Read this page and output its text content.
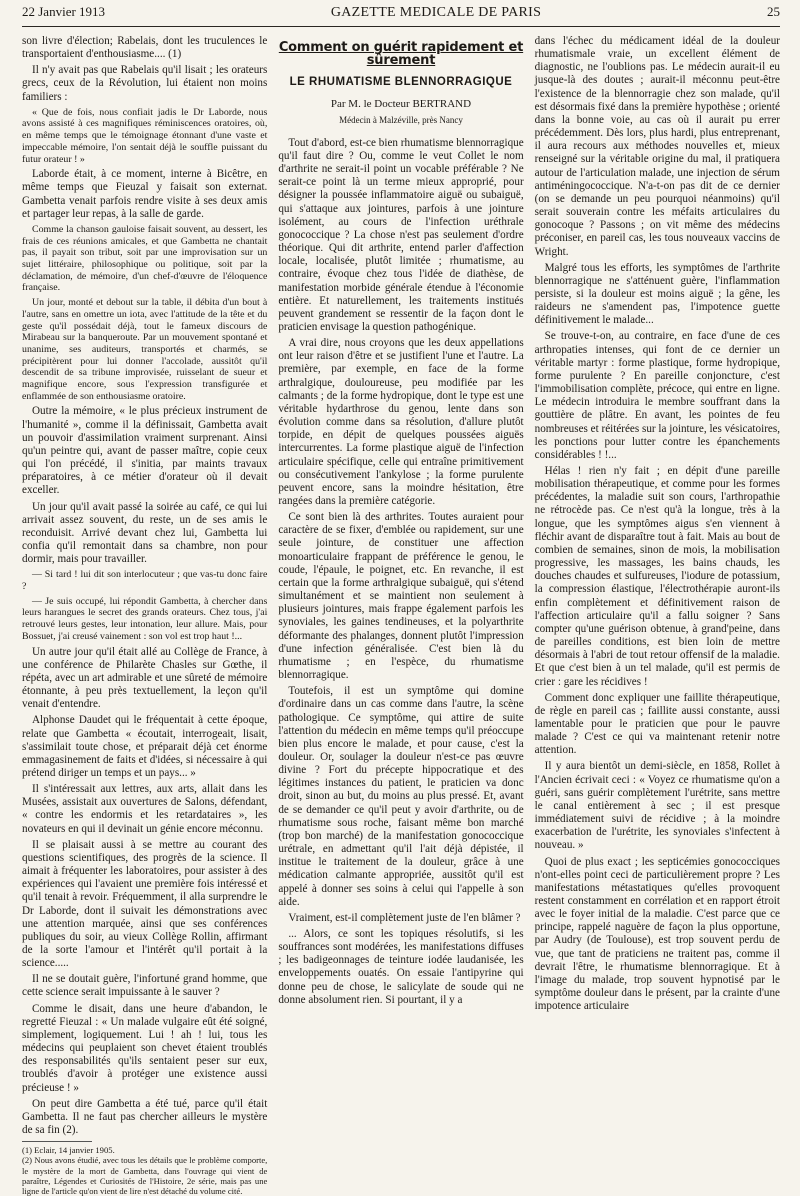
22 Janvier 1913	GAZETTE MEDICALE DE PARIS	25

son livre d'élection; Rabelais, dont les truculences le transportaient d'enthousiasme.... (1)

Il n'y avait pas que Rabelais qu'il lisait ; les orateurs grecs, ceux de la Révolution, lui étaient non moins familiers :

« Que de fois, nous confiait jadis le Dr Laborde, nous avons assisté à ces magnifiques réminiscences oratoires, où, en même temps que le témoignage étonnant d'une vaste et impeccable mémoire, l'on sentait déjà le souffle puissant du futur orateur ! »

Laborde était, à ce moment, interne à Bicêtre, en même temps que Fieuzal y faisait son externat. Gambetta venait parfois rendre visite à ses deux amis et partager leur repas, à la salle de garde.

Comme la chanson gauloise faisait souvent, au dessert, les frais de ces réunions amicales, et que Gambetta ne chantait pas, il payait son tribut, soit par une improvisation sur un sujet littéraire, philosophique ou politique, soit par la déclamation, de mémoire, d'un chef-d'œuvre de l'éloquence française.

Un jour, monté et debout sur la table, il débita d'un bout à l'autre, sans en omettre un iota, avec l'attitude de la tête et du geste qu'il possédait déjà, tout le fameux discours de Mirabeau sur la banqueroute. Par un mouvement spontané et unanime, ses auditeurs, transportés et charmés, se précipitèrent pour lui donner l'accolade, aussitôt qu'il descendit de sa tribune improvisée, ruisselant de sueur et magnifique encore, sous l'expression transfigurée et enflammée de son enthousiasme oratoire.

Outre la mémoire, « le plus précieux instrument de l'humanité », comme il la définissait, Gambetta avait un pouvoir d'assimilation vraiment surprenant. Ainsi qu'un peintre qui, avant de passer maître, copie ceux qui l'on précédé, il s'initia, par maints travaux préparatoires, à ce métier d'orateur où il devait exceller.

Un jour qu'il avait passé la soirée au café, ce qui lui arrivait assez souvent, du reste, un de ses amis le reconduisit. Arrivé devant chez lui, Gambetta lui confia qu'il remontait dans sa chambre, non pour dormir, mais pour travailler.

— Si tard ! lui dit son interlocuteur ; que vas-tu donc faire ?

— Je suis occupé, lui répondit Gambetta, à chercher dans leurs harangues le secret des grands orateurs. Chez tous, j'ai retrouvé leurs gestes, leur intonation, leur allure. Mais, pour Bossuet, j'ai creusé vainement : son vol est trop haut !...

Un autre jour qu'il était allé au Collège de France, à une conférence de Philarète Chasles sur Gœthe, il répéta, avec un art admirable et une sûreté de mémoire étonnante, à peu près textuellement, la leçon qu'il venait d'entendre.

Alphonse Daudet qui le fréquentait à cette époque, relate que Gambetta « écoutait, interrogeait, lisait, s'assimilait toute chose, et préparait déjà cet énorme emmagasinement de faits et d'idées, si nécessaire à qui prétend diriger un temps et un pays... »

Il s'intéressait aux lettres, aux arts, allait dans les Musées, assistait aux ouvertures de Salons, défendant, « contre les endormis et les retardataires », les novateurs en qui il devinait un génie encore méconnu.

Il se plaisait aussi à se mettre au courant des questions scientifiques, des progrès de la science. Il aimait à fréquenter les laboratoires, pour assister à des expériences qui l'avaient une première fois intéressé et qu'il tenait à revoir. Fréquemment, il alla surprendre le Dr Laborde, dont il suivait les démonstrations avec une attention marquée, ainsi que ses conférences publiques du soir, au vieux Collège Rollin, affirmant de la sorte l'amour et l'intérêt qu'il portait à la science.....

Il ne se doutait guère, l'infortuné grand homme, que cette science serait impuissante à le sauver ?

Comme le disait, dans une heure d'abandon, le regretté Fieuzal : « Un malade vulgaire eût été soigné, simplement, logiquement. Lui ! ah ! lui, tous les médecins qui peuplaient son chevet étaient troublés des responsabilités qu'ils sentaient peser sur eux, troublés d'avoir à protéger une existence aussi précieuse ! »

On peut dire Gambetta a été tué, parce qu'il était Gambetta. Il ne faut pas chercher ailleurs le mystère de sa fin (2).

(1) Eclair, 14 janvier 1905.

(2) Nous avons étudié, avec tous les détails que le problème comporte, le mystère de la mort de Gambetta, dans l'ouvrage qui vient de paraître, Légendes et Curiosités de l'Histoire, 2e série, mais pas une ligne de l'article qu'on vient de lire n'est détaché du volume cité.

Comment on guérit rapidement et sûrement
LE RHUMATISME BLENNORRAGIQUE
Par M. le Docteur BERTRAND
Médecin à Malzéville, près Nancy

Tout d'abord, est-ce bien rhumatisme blennorragique qu'il faut dire ? Ou, comme le veut Collet le nom d'arthrite ne serait-il point un vocable préférable ? Ne serait-ce point là un terme mieux approprié, pour désigner la poussée inflammatoire aiguë ou subaiguë, qui s'attaque aux jointures, parfois à une jointure isolément, au cours de l'infection uréthrale gonococcique ? La chose n'est pas seulement d'ordre théorique. Qui dit arthrite, entend parler d'affection locale, localisée, plutôt limitée ; rhumatisme, au contraire, évoque chez tous l'idée de diathèse, de manifestation morbide générale étendue à l'économie entière. Et naturellement, les traitements institués peuvent grandement se ressentir de la façon dont le praticien envisage la question pathogénique.

A vrai dire, nous croyons que les deux appellations ont leur raison d'être et se justifient l'une et l'autre. La première, par exemple, en face de la forme arthralgique, douloureuse, peu modifiée par les calmants ; de la forme hydropique, dont le type est une véritable hydarthrose du genou, lente dans son évolution comme dans sa résolution, d'allure plutôt torpide, en dépit de quelques poussées aiguës intercurrentes. La forme plastique aiguë de l'infection articulaire spécifique, celle qui entraîne primitivement ou consécutivement l'ankylose ; la forme purulente peuvent encore, sans la moindre hésitation, être rangées dans la première catégorie.

Ce sont bien là des arthrites. Toutes auraient pour caractère de se fixer, d'emblée ou rapidement, sur une seule jointure, de constituer une affection monoarticulaire frappant de préférence le genou, le coude, l'épaule, le poignet, etc. En revanche, il est certain que la forme arthralgique subaiguë, qui s'étend simultanément et se maintient non seulement à plusieurs jointures, mais frappe également parfois les synoviales, les gaines tendineuses, et la polyarthrite déformante des phalanges, donnent plutôt l'impression d'une infection généralisée. C'est bien là du rhumatisme ; en l'espèce, du rhumatisme blennorragique.

Toutefois, il est un symptôme qui domine d'ordinaire dans un cas comme dans l'autre, la scène pathologique. Ce symptôme, qui attire de suite l'attention du médecin en même temps qu'il préoccupe bien plus encore le malade, et pour cause, c'est la douleur. Or, soulager la douleur n'est-ce pas œuvre divine ? Fort du précepte hippocratique et des légitimes instances du patient, le praticien va donc droit, sinon au but, du moins au plus pressé. Et, avant de se demander ce qu'il peut y avoir d'arthrite, ou de rhumatisme sous roche, faisant même bon marché (trop bon marché) de la manifestation gonococcique urétrale, en admettant qu'il l'ait déjà dépistée, il institue le traitement de la douleur, grâce à une médication calmante appropriée, aussitôt qu'il est appelé à donner ses soins à celui qui l'appelle à son aide.

Vraiment, est-il complètement juste de l'en blâmer ?

... Alors, ce sont les topiques résolutifs, si les souffrances sont modérées, les manifestations diffuses ; les badigeonnages de teinture iodée laudanisée, les enveloppements ouatés. On essaie l'antipyrine qui donne peu de chose, le salicylate de soude qui ne donne absolument rien. Si pourtant, il y a

dans l'échec du médicament idéal de la douleur rhumatismale vraie, un excellent élément de diagnostic, ne l'oublions pas. Le médecin aurait-il eu jusque-là des doutes ; aurait-il méconnu peut-être l'existence de la blennorragie chez son malade, qu'il est désormais fixé dans la première hypothèse ; orienté dans la bonne voie, au cas où il aurait pu errer précédemment. Dès lors, plus hardi, plus entreprenant, il aura recours aux méthodes nouvelles et, mieux renseigné sur la véritable origine du mal, il pratiquera autour de l'articulation malade, une injection de sérum antiméningococcique. N'a-t-on pas dit de ce dernier (on se demande un peu pourquoi néanmoins) qu'il serait souverain contre les méfaits articulaires du gonocoque ? Passons ; on vit même des médecins préconiser, en pareil cas, les tous nouveaux vaccins de Wright.

Malgré tous les efforts, les symptômes de l'arthrite blennorragique ne s'atténuent guère, l'inflammation persiste, si la douleur est moins aiguë ; la gêne, les raideurs ne s'amendent pas, l'impotence guette définitivement le malade...

Se trouve-t-on, au contraire, en face d'une de ces arthropaties intenses, qui font de ce dernier un véritable martyr : forme plastique, forme hydropique, forme purulente ? En pareille conjoncture, c'est l'immobilisation complète, précoce, qui entre en ligne. Le médecin introduira le membre souffrant dans la gouttière de plâtre. En avant, les pointes de feu nombreuses et réitérées sur la jointure, les vésicatoires, les ponctions pour lutter contre les épanchements considérables ! !...

Hélas ! rien n'y fait ; en dépit d'une pareille mobilisation thérapeutique, et comme pour les formes précédentes, la maladie suit son cours, l'arthropathie ne rétrocède pas. Ce n'est qu'à la longue, très à la longue, que les symptômes aigus s'en viennent à fléchir avant de disparaître tout à fait. Mais au bout de combien de semaines, sinon de mois, la mobilisation progressive, les massages, les bains chauds, les douches chaudes et sulfureuses, l'iodure de potassium, la compression élastique, l'électrothérapie auront-ils enfin complètement et définitivement raison de l'affection articulaire qu'il a fallu soigner ? Sans compter qu'une guérison obtenue, à grand'peine, dans de pareilles conditions, est bien loin de mettre désormais à l'abri de tout retour offensif de la maladie. Et que c'est bien à un tel malade, qu'il est permis de crier : gare les récidives !

Comment donc expliquer une faillite thérapeutique, de règle en pareil cas ; faillite aussi constante, aussi lamentable pour le praticien que pour le pauvre malade ? C'est ce qui va maintenant retenir notre attention.

Il y aura bientôt un demi-siècle, en 1858, Rollet à l'Ancien écrivait ceci : « Voyez ce rhumatisme qu'on a guéri, sans guérir complètement l'urétrite, sans mettre le canal entièrement à sec ; il est presque immédiatement suivi de récidive ; à la moindre exacerbation de l'urétrite, les synoviales s'infectent à nouveau. »

Quoi de plus exact ; les septicémies gonococciques n'ont-elles point ceci de particulièrement propre ? Les manifestations métastatiques qu'elles provoquent restent constamment en corrélation et en rapport étroit avec le foyer initial de la maladie. C'est parce que ce principe, rappelé naguère de façon la plus opportune, par Audry (de Toulouse), est trop souvent perdu de vue, que tant de praticiens ne traitent pas, comme il devrait l'être, le rhumatisme blennorragique. Et à l'image du malade, trop souvent hypnotisé par le symptôme douleur dans le présent, par la crainte d'une impotence articulaire
